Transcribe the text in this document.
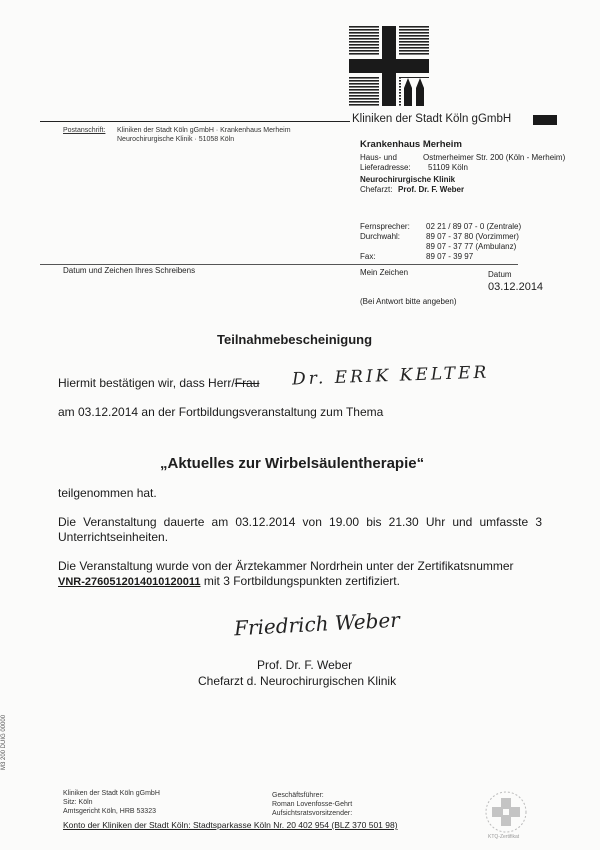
Kliniken der Stadt Köln gGmbH
Postanschrift: Kliniken der Stadt Köln gGmbH · Krankenhaus Merheim
Neurochirurgische Klinik · 51058 Köln	Krankenhaus Merheim
Haus- und
Lieferadresse:
Ostmerheimer Str. 200 (Köln - Merheim)
51109 Köln
Neurochirurgische Klinik
Chefarzt: Prof. Dr. F. Weber
Fernsprecher: 02 21 / 89 07 - 0 (Zentrale)
Durchwahl:	89 07 - 37 80 (Vorzimmer)
89 07 - 37 77 (Ambulanz)
Fax:	89 07 - 39 97
Datum und Zeichen Ihres Schreibens	Mein Zeichen	Datum
03.12.2014
(Bei Antwort bitte angeben)
Teilnahmebescheinigung
Hiermit bestätigen wir, dass Herr/Frau Dr. ERIK KELTER
am 03.12.2014 an der Fortbildungsveranstaltung zum Thema
„Aktuelles zur Wirbelsäulentherapie“
teilgenommen hat.
Die Veranstaltung dauerte am 03.12.2014 von 19.00 bis 21.30 Uhr und umfasste 3
Unterrichtseinheiten.
Die Veranstaltung wurde von der Ärztekammer Nordrhein unter der Zertifikatsnummer
VNR-2760512014010120011 mit 3 Fortbildungspunkten zertifiziert.
Friedrich Weber
Prof. Dr. F. Weber
Chefarzt d. Neurochirurgischen Klinik
Kliniken der Stadt Köln gGmbH
Sitz: Köln
Amtsgericht Köln, HRB 53323
Geschäftsführer:
Roman Lovenfosse-Gehrt
Aufsichtsratsvorsitzender:
Konto der Kliniken der Stadt Köln: Stadtsparkasse Köln Nr. 20 402 954 (BLZ 370 501 98)
KTQ-Zertifikat
M3 200 DUIG 00000
